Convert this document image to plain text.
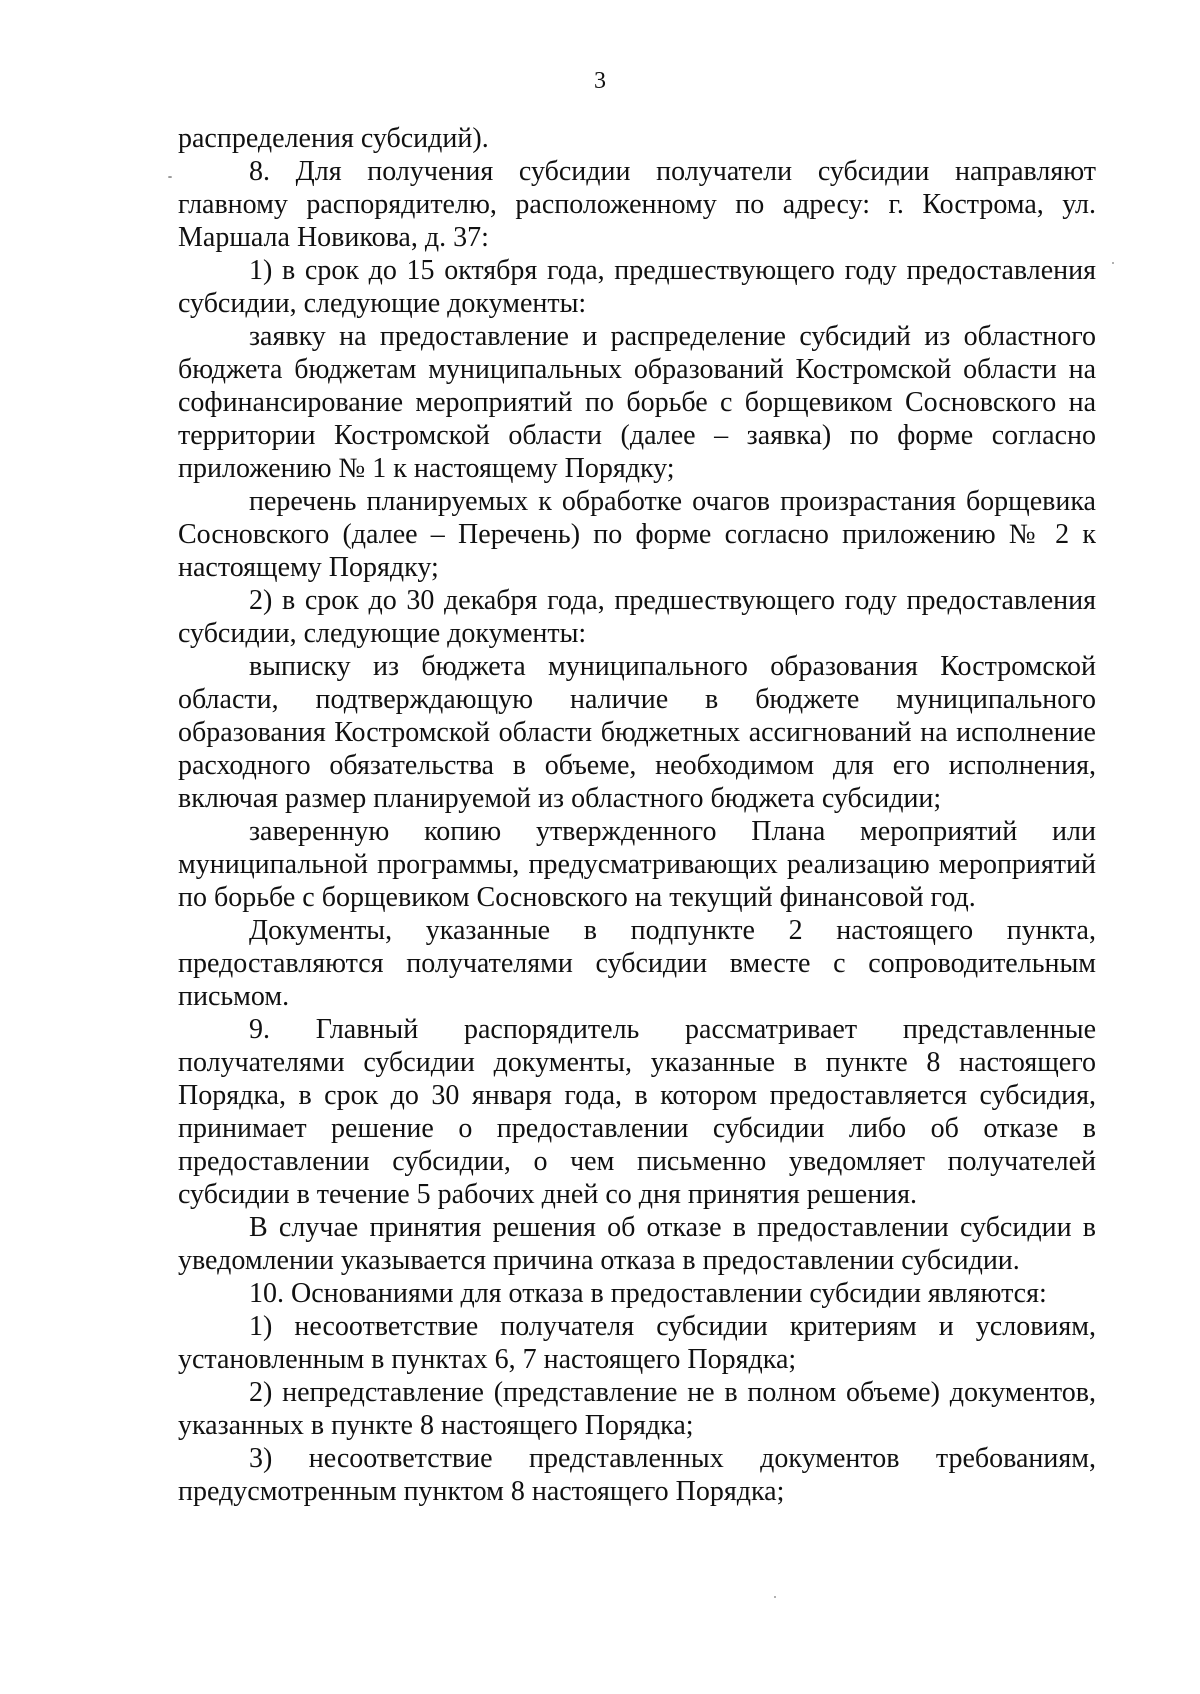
3

распределения субсидий).

8. Для получения субсидии получатели субсидии направляют главному распорядителю, расположенному по адресу: г. Кострома, ул. Маршала Новикова, д. 37:

1) в срок до 15 октября года, предшествующего году предоставления субсидии, следующие документы:

заявку на предоставление и распределение субсидий из областного бюджета бюджетам муниципальных образований Костромской области на софинансирование мероприятий по борьбе с борщевиком Сосновского на территории Костромской области (далее – заявка) по форме согласно приложению № 1 к настоящему Порядку;

перечень планируемых к обработке очагов произрастания борщевика Сосновского (далее – Перечень) по форме согласно приложению № 2 к настоящему Порядку;

2) в срок до 30 декабря года, предшествующего году предоставления субсидии, следующие документы:

выписку из бюджета муниципального образования Костромской области, подтверждающую наличие в бюджете муниципального образования Костромской области бюджетных ассигнований на исполнение расходного обязательства в объеме, необходимом для его исполнения, включая размер планируемой из областного бюджета субсидии;

заверенную копию утвержденного Плана мероприятий или муниципальной программы, предусматривающих реализацию мероприятий по борьбе с борщевиком Сосновского на текущий финансовой год.

Документы, указанные в подпункте 2 настоящего пункта, предоставляются получателями субсидии вместе с сопроводительным письмом.

9. Главный распорядитель рассматривает представленные получателями субсидии документы, указанные в пункте 8 настоящего Порядка, в срок до 30 января года, в котором предоставляется субсидия, принимает решение о предоставлении субсидии либо об отказе в предоставлении субсидии, о чем письменно уведомляет получателей субсидии в течение 5 рабочих дней со дня принятия решения.

В случае принятия решения об отказе в предоставлении субсидии в уведомлении указывается причина отказа в предоставлении субсидии.

10. Основаниями для отказа в предоставлении субсидии являются:

1) несоответствие получателя субсидии критериям и условиям, установленным в пунктах 6, 7 настоящего Порядка;

2) непредставление (представление не в полном объеме) документов, указанных в пункте 8 настоящего Порядка;

3) несоответствие представленных документов требованиям, предусмотренным пунктом 8 настоящего Порядка;
